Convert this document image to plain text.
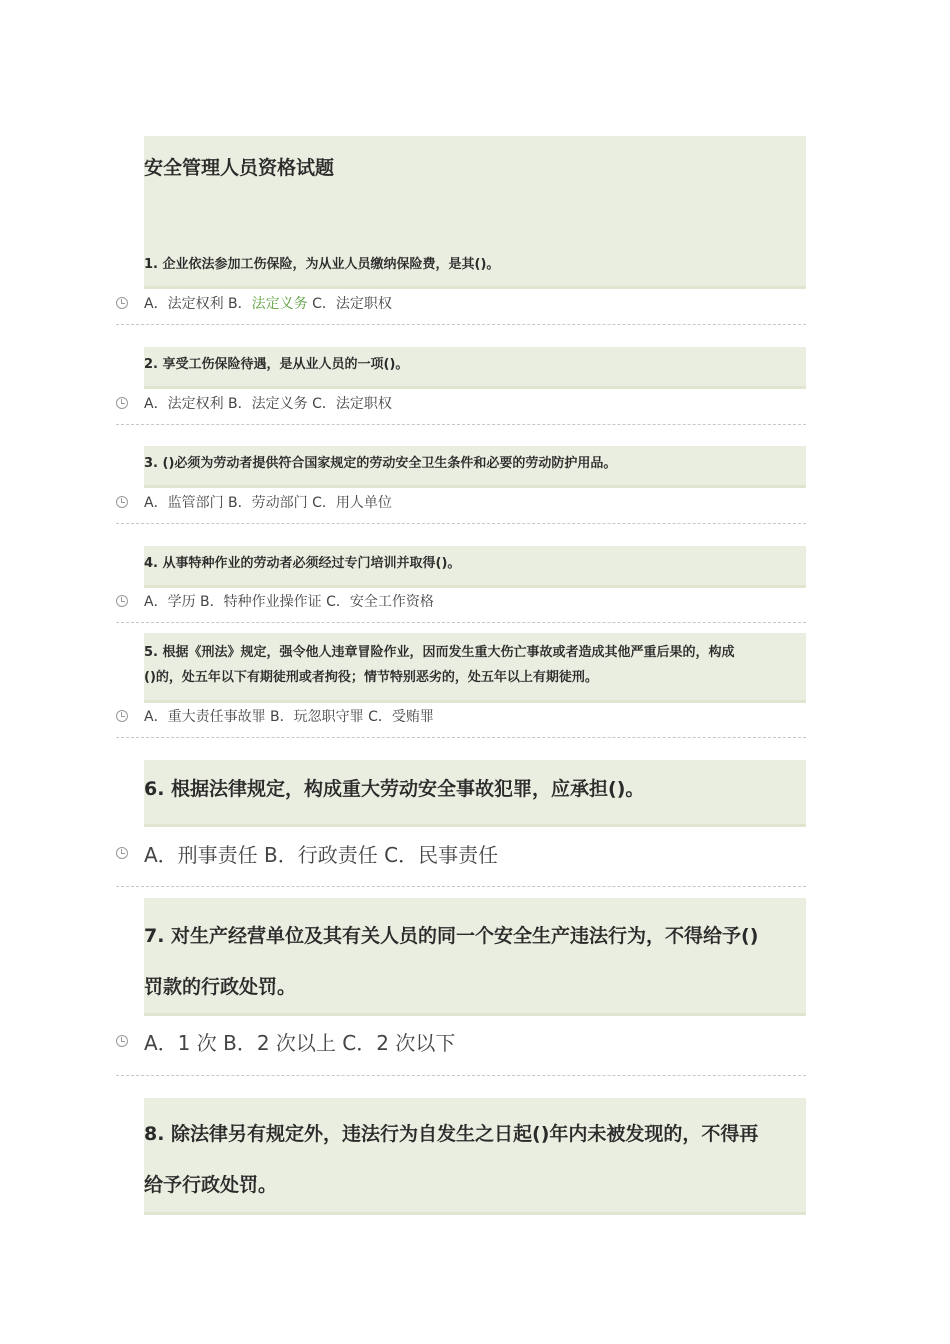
安全管理人员资格试题
1. 企业依法参加工伤保险，为从业人员缴纳保险费，是其()。
A．法定权利 B．法定义务 C．法定职权
2. 享受工伤保险待遇，是从业人员的一项()。
A．法定权利 B．法定义务 C．法定职权
3. ()必须为劳动者提供符合国家规定的劳动安全卫生条件和必要的劳动防护用品。
A．监管部门 B．劳动部门 C．用人单位
4. 从事特种作业的劳动者必须经过专门培训并取得()。
A．学历 B．特种作业操作证 C．安全工作资格
5. 根据《刑法》规定，强令他人违章冒险作业，因而发生重大伤亡事故或者造成其他严重后果的，构成
()的，处五年以下有期徒刑或者拘役；情节特别恶劣的，处五年以上有期徒刑。
A．重大责任事故罪 B．玩忽职守罪 C．受贿罪
6. 根据法律规定，构成重大劳动安全事故犯罪，应承担()。
A．刑事责任 B．行政责任 C．民事责任
7. 对生产经营单位及其有关人员的同一个安全生产违法行为，不得给予()
罚款的行政处罚。
A．1 次 B．2 次以上 C．2 次以下
8. 除法律另有规定外，违法行为自发生之日起()年内未被发现的，不得再
给予行政处罚。
